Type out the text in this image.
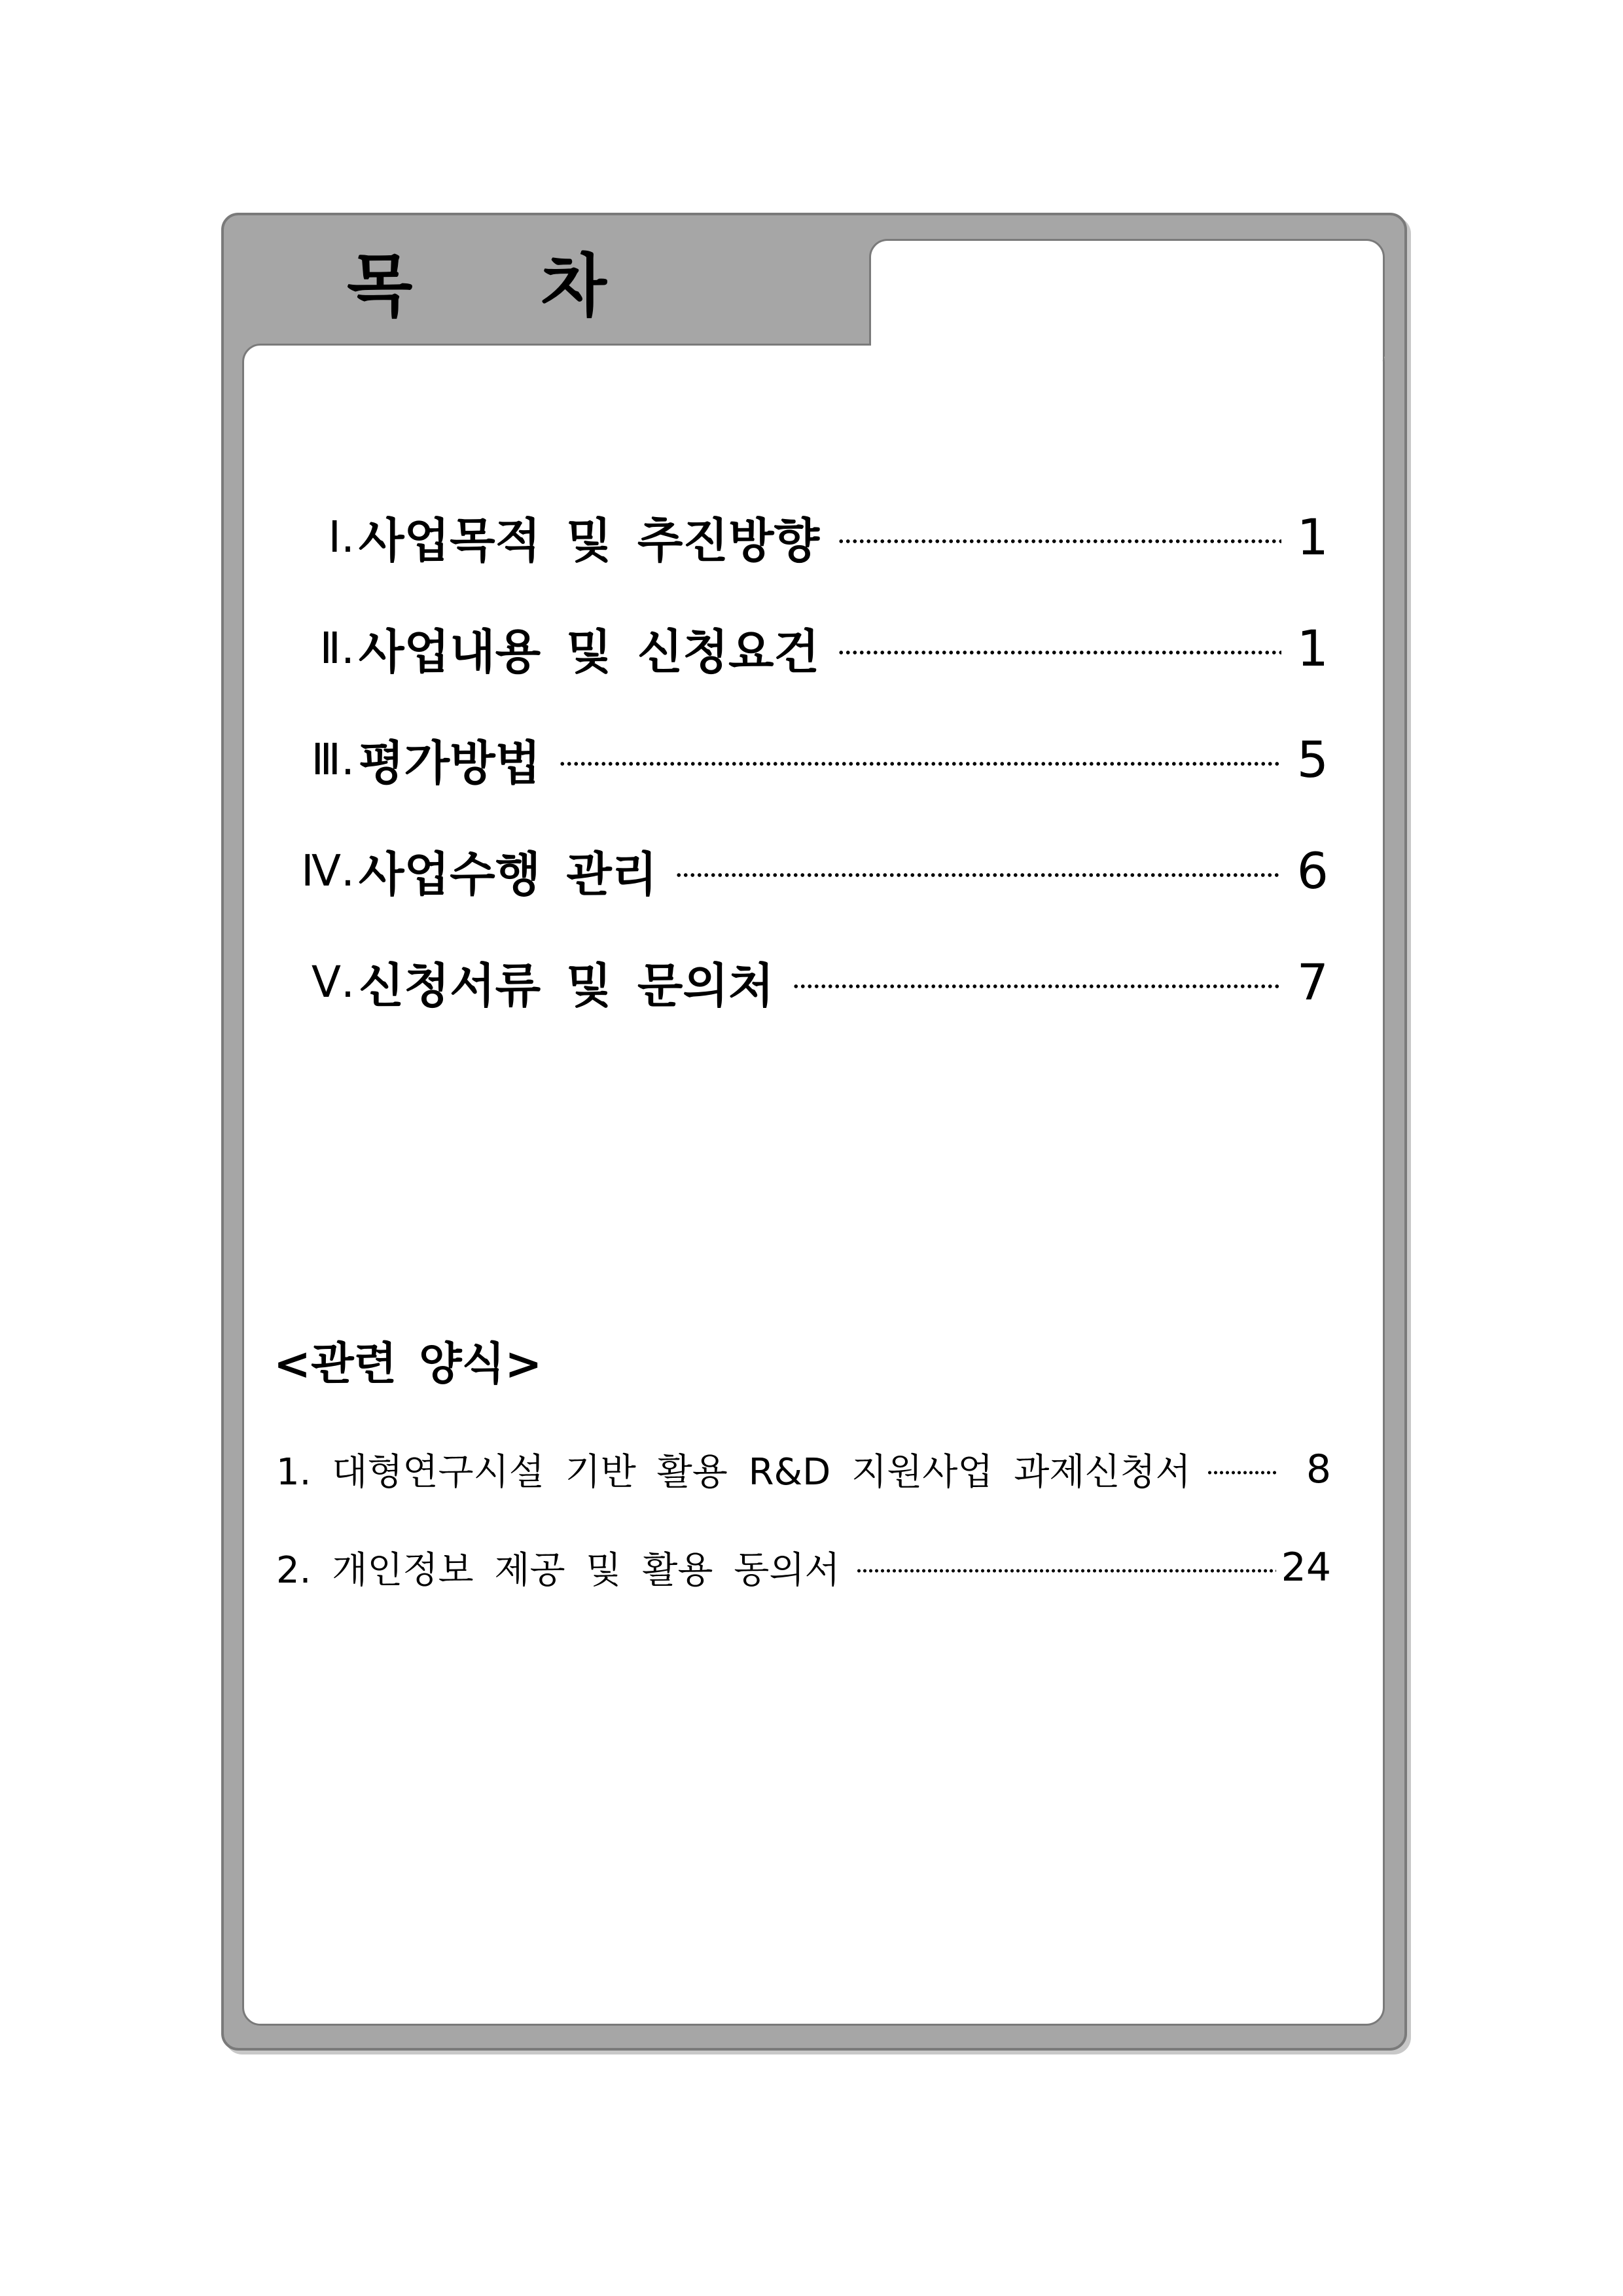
목 차
Ⅰ. 사업목적 및 추진방향	1
Ⅱ. 사업내용 및 신청요건	1
Ⅲ. 평가방법	5
Ⅳ. 사업수행 관리	6
Ⅴ. 신청서류 및 문의처	7
<관련 양식>
1. 대형연구시설 기반 활용 R&D 지원사업 과제신청서	8
2. 개인정보 제공 및 활용 동의서	24
